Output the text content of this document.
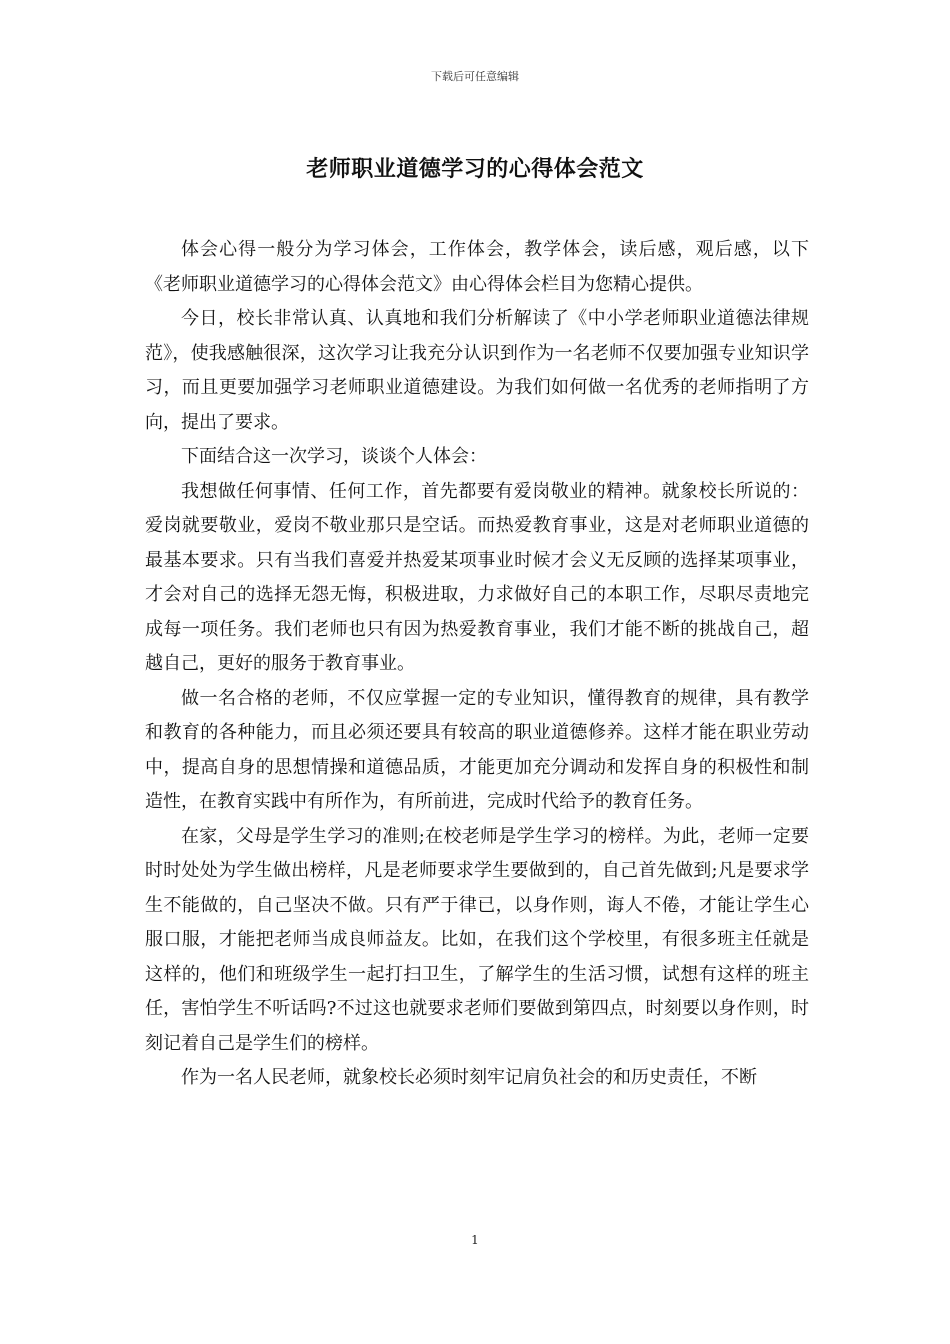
下载后可任意编辑
老师职业道德学习的心得体会范文

体会心得一般分为学习体会，工作体会，教学体会，读后感，观后感，以下《老师职业道德学习的心得体会范文》由心得体会栏目为您精心提供。

今日，校长非常认真、认真地和我们分析解读了《中小学老师职业道德法律规范》，使我感触很深，这次学习让我充分认识到作为一名老师不仅要加强专业知识学习，而且更要加强学习老师职业道德建设。为我们如何做一名优秀的老师指明了方向，提出了要求。

下面结合这一次学习，谈谈个人体会：

我想做任何事情、任何工作，首先都要有爱岗敬业的精神。就象校长所说的：爱岗就要敬业，爱岗不敬业那只是空话。而热爱教育事业，这是对老师职业道德的最基本要求。只有当我们喜爱并热爱某项事业时候才会义无反顾的选择某项事业，才会对自己的选择无怨无悔，积极进取，力求做好自己的本职工作，尽职尽责地完成每一项任务。我们老师也只有因为热爱教育事业，我们才能不断的挑战自己，超越自己，更好的服务于教育事业。

做一名合格的老师，不仅应掌握一定的专业知识，懂得教育的规律，具有教学和教育的各种能力，而且必须还要具有较高的职业道德修养。这样才能在职业劳动中，提高自身的思想情操和道德品质，才能更加充分调动和发挥自身的积极性和制造性，在教育实践中有所作为，有所前进，完成时代给予的教育任务。

在家，父母是学生学习的准则;在校老师是学生学习的榜样。为此，老师一定要时时处处为学生做出榜样，凡是老师要求学生要做到的，自己首先做到;凡是要求学生不能做的，自己坚决不做。只有严于律已，以身作则，诲人不倦，才能让学生心服口服，才能把老师当成良师益友。比如，在我们这个学校里，有很多班主任就是这样的，他们和班级学生一起打扫卫生，了解学生的生活习惯，试想有这样的班主任，害怕学生不听话吗?不过这也就要求老师们要做到第四点，时刻要以身作则，时刻记着自己是学生们的榜样。

作为一名人民老师，就象校长必须时刻牢记肩负社会的和历史责任，不断

1
